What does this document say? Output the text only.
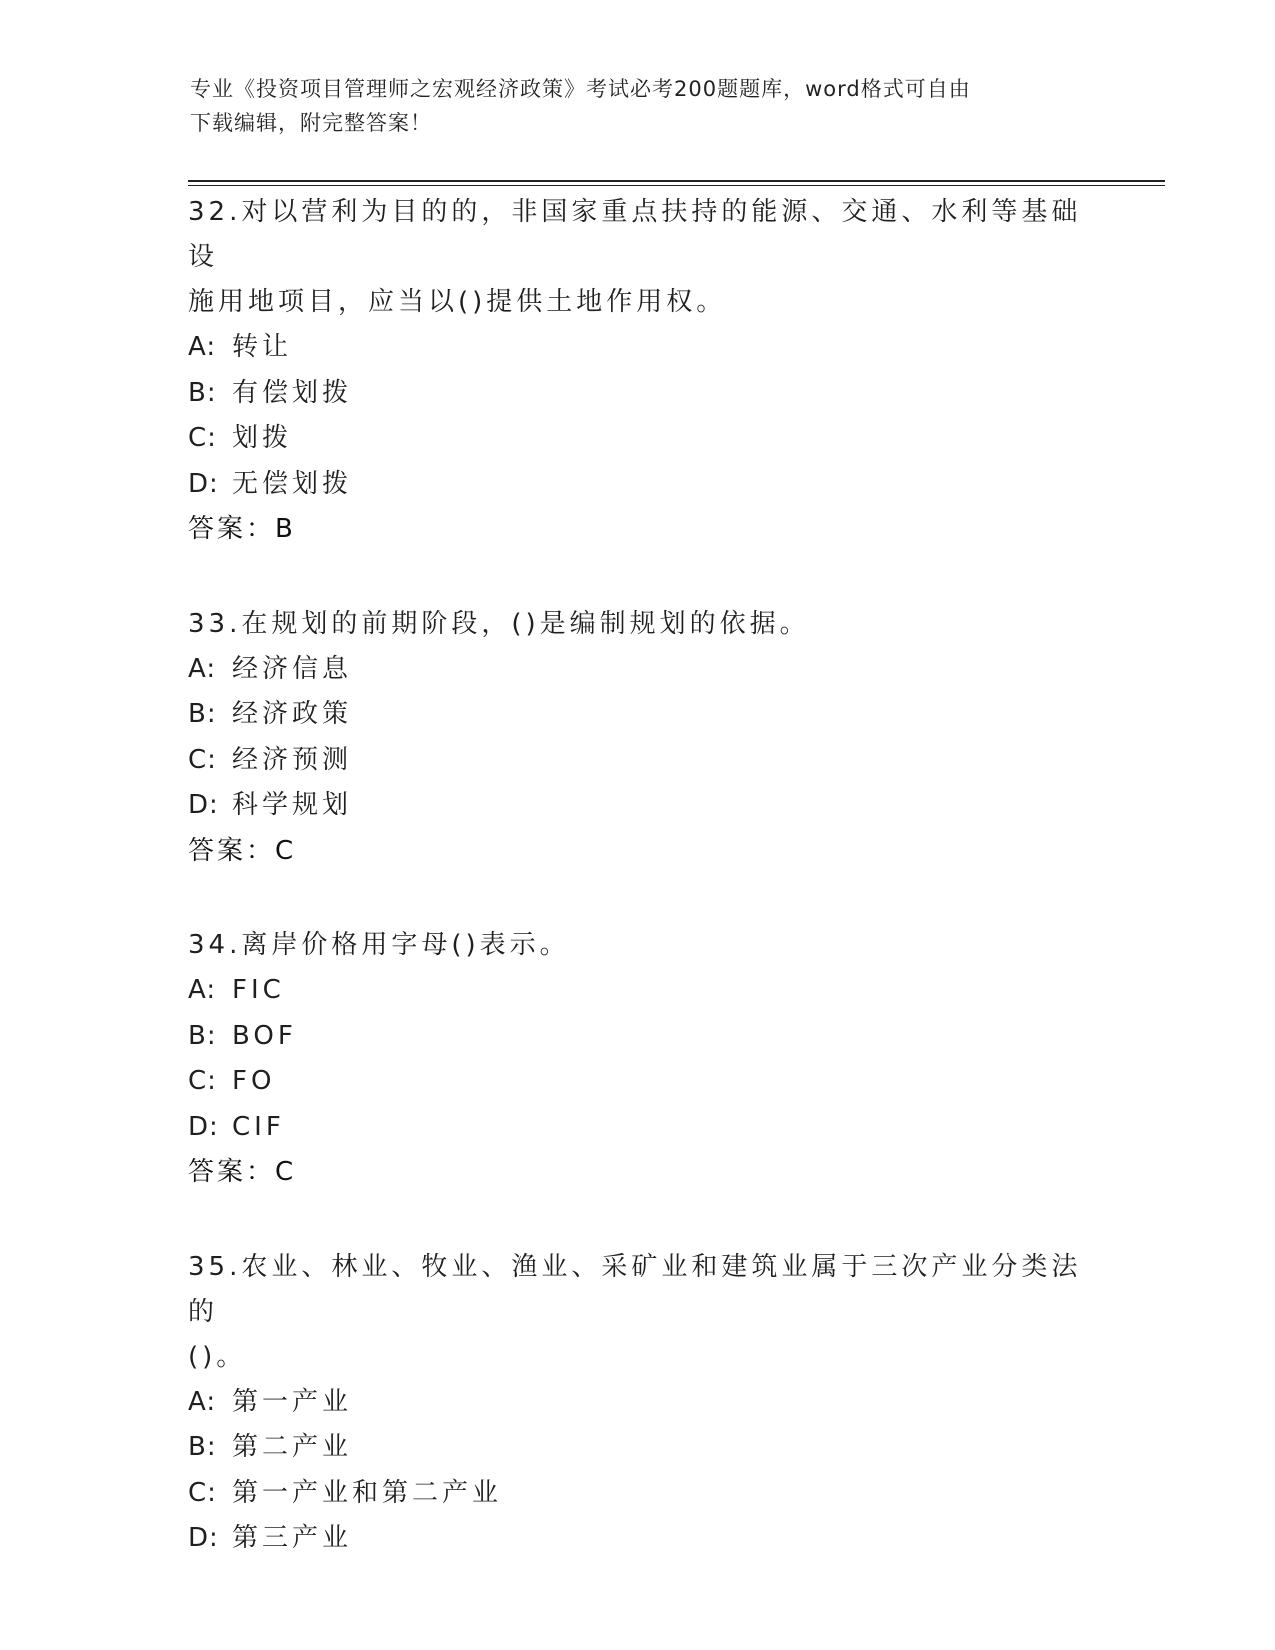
专业《投资项目管理师之宏观经济政策》考试必考200题题库，word格式可自由
下载编辑，附完整答案！
32.对以营利为目的的，非国家重点扶持的能源、交通、水利等基础设
施用地项目，应当以()提供土地作用权。
A: 转让
B: 有偿划拨
C: 划拨
D: 无偿划拨
答案：B
33.在规划的前期阶段，()是编制规划的依据。
A: 经济信息
B: 经济政策
C: 经济预测
D: 科学规划
答案：C
34.离岸价格用字母()表示。
A: FIC
B: BOF
C: FO
D: CIF
答案：C
35.农业、林业、牧业、渔业、采矿业和建筑业属于三次产业分类法的
()。
A: 第一产业
B: 第二产业
C: 第一产业和第二产业
D: 第三产业
